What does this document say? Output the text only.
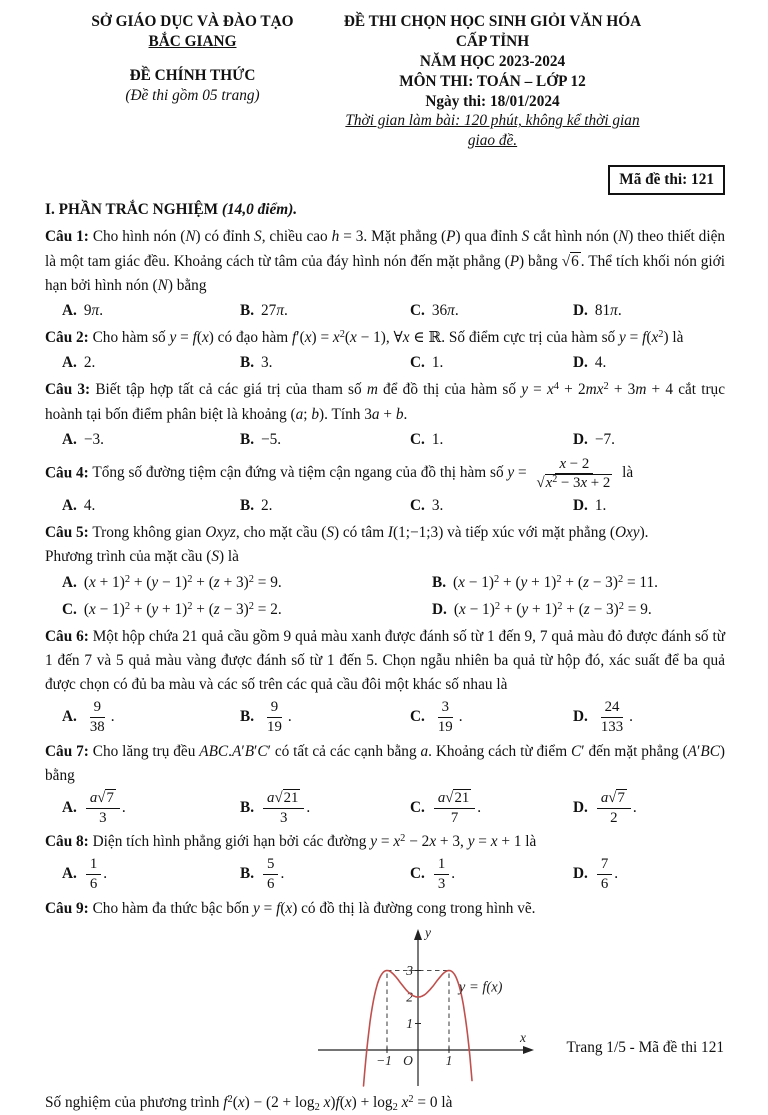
SỞ GIÁO DỤC VÀ ĐÀO TẠO
BẮC GIANG
ĐỀ CHÍNH THỨC
(Đề thi gồm 05 trang)
ĐỀ THI CHỌN HỌC SINH GIỎI VĂN HÓA CẤP TỈNH
NĂM HỌC 2023-2024
MÔN THI: TOÁN – LỚP 12
Ngày thi: 18/01/2024
Thời gian làm bài: 120 phút, không kể thời gian giao đề.
Mã đề thi: 121
I. PHẦN TRẮC NGHIỆM (14,0 điểm).

Câu 1: Cho hình nón (N) có đỉnh S, chiều cao h = 3. Mặt phẳng (P) qua đỉnh S cắt hình nón (N) theo thiết diện là một tam giác đều. Khoảng cách từ tâm của đáy hình nón đến mặt phẳng (P) bằng √6 . Thể tích khối nón giới hạn bởi hình nón (N) bằng

A. 9π.	B. 27π.	C. 36π.	D. 81π.

Câu 2: Cho hàm số y = f(x) có đạo hàm $f'(x) = x^2(x - 1)$, ∀x ∈ ℝ. Số điểm cực trị của hàm số $y = f(x^2)$ là

A. 2.	B. 3.	C. 1.	D. 4.

Câu 3: Biết tập hợp tất cả các giá trị của tham số m để đồ thị của hàm số $y = x^4 + 2mx^2 + 3m + 4$ cắt trục hoành tại bốn điểm phân biệt là khoảng (a; b). Tính 3a + b.

A. −3.	B. −5.	C. 1.	D. −7.

Câu 4: Tổng số đường tiệm cận đứng và tiệm cận ngang của đồ thị hàm số $y = \frac{x - 2}{√x^2 - 3x + 2}$ là

A. 4.	B. 2.	C. 3.	D. 1.

Câu 5: Trong không gian Oxyz, cho mặt cầu (S) có tâm I(1;−1;3) và tiếp xúc với mặt phẳng (Oxy).

Phương trình của mặt cầu (S) là

A. $(x + 1)^2 + (y - 1)^2 + (z + 3)^2 = 9$.	B. $(x - 1)^2 + (y + 1)^2 + (z - 3)^2 = 11$.
C. $(x - 1)^2 + (y + 1)^2 + (z - 3)^2 = 2$.	D. $(x - 1)^2 + (y + 1)^2 + (z - 3)^2 = 9$.

Câu 6: Một hộp chứa 21 quả cầu gồm 9 quả màu xanh được đánh số từ 1 đến 9, 7 quả màu đỏ được đánh số từ 1 đến 7 và 5 quả màu vàng được đánh số từ 1 đến 5. Chọn ngẫu nhiên ba quả từ hộp đó, xác suất để ba quả được chọn có đủ ba màu và các số trên các quả cầu đôi một khác số nhau là

A. $\frac{9}{38}$ .	B. $\frac{9}{19}$ .	C. $\frac{3}{19}$ .	D. $\frac{24}{133}$ .

Câu 7: Cho lăng trụ đều ABC.A′B′C′ có tất cả các cạnh bằng a. Khoảng cách từ điểm C′ đến mặt phẳng (A′BC) bằng

A. $\frac{a√7}{3}$ .	B. $\frac{a√21}{3}$ .	C. $\frac{a√21}{7}$ .	D. $\frac{a√7}{2}$ .

Câu 8: Diện tích hình phẳng giới hạn bởi các đường $y = x^2 - 2x + 3$, y = x + 1 là

A. $\frac{1}{6}$ .	B. $\frac{5}{6}$ .	C. $\frac{1}{3}$ .	D. $\frac{7}{6}$ .

Câu 9: Cho hàm đa thức bậc bốn y = f(x) có đồ thị là đường cong trong hình vẽ.

−1	1
1
2
3
y
x
O
y = f(x)

Số nghiệm của phương trình $f^2(x) - (2 + \log_2 x)f(x) + \log_2 x^2 = 0$ là

Trang 1/5 - Mã đề thi 121
